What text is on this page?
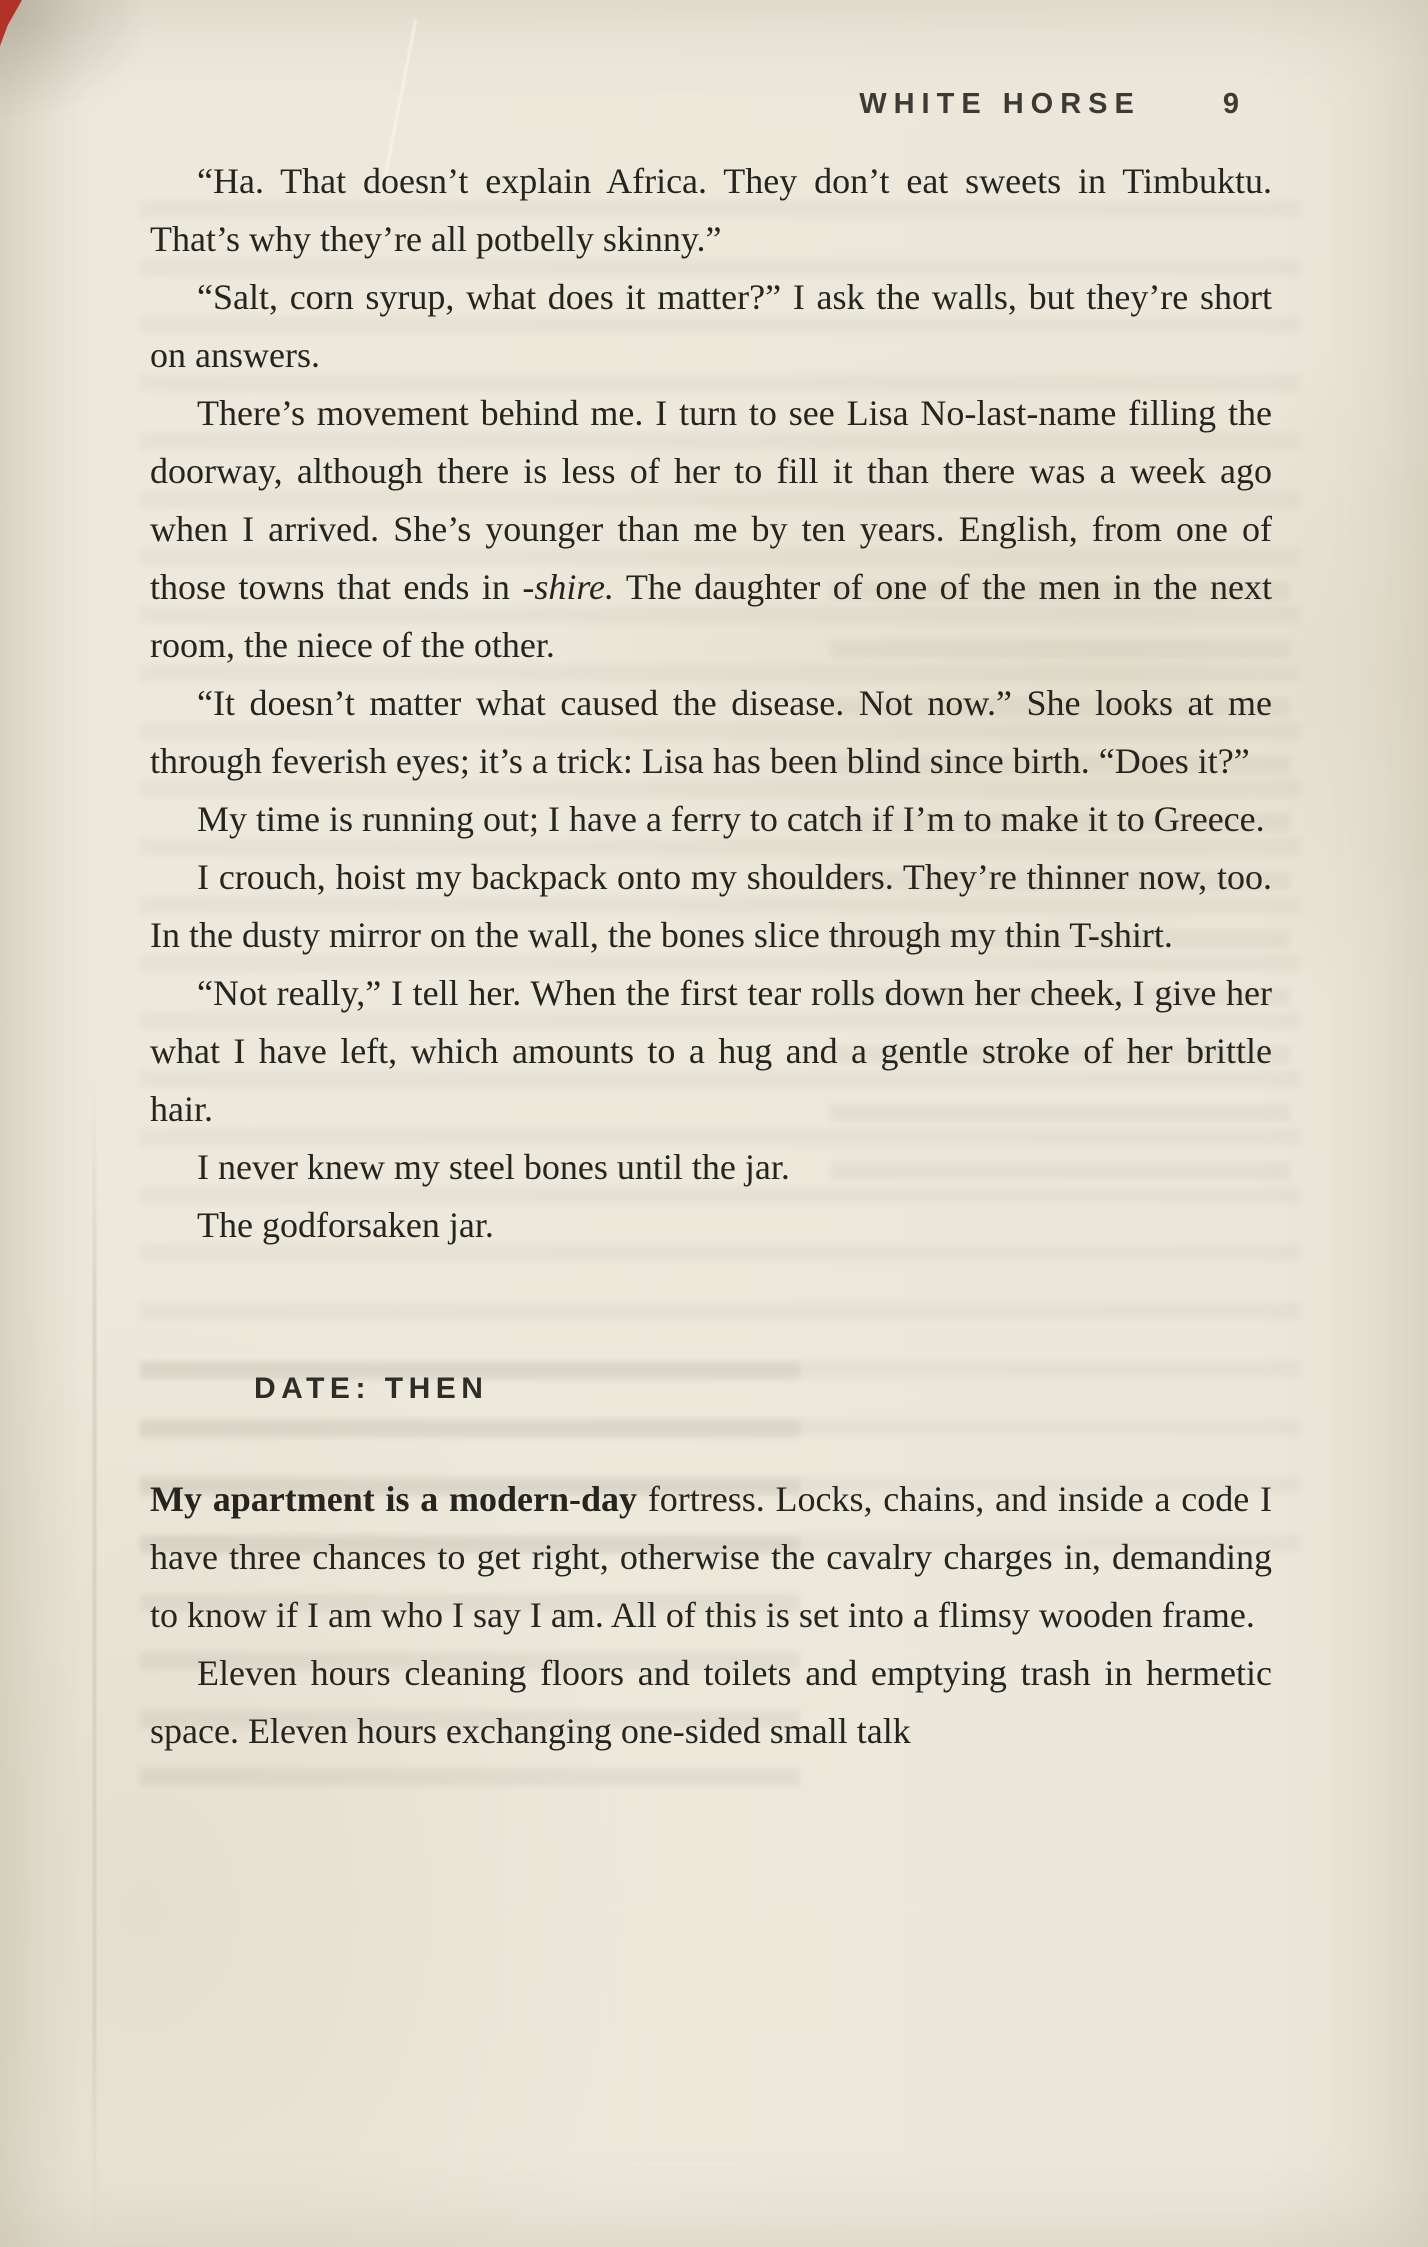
WHITE HORSE	9

“Ha. That doesn’t explain Africa. They don’t eat sweets in Timbuktu. That’s why they’re all potbelly skinny.”

“Salt, corn syrup, what does it matter?” I ask the walls, but they’re short on answers.

There’s movement behind me. I turn to see Lisa No-last-name filling the doorway, although there is less of her to fill it than there was a week ago when I arrived. She’s younger than me by ten years. English, from one of those towns that ends in -shire. The daughter of one of the men in the next room, the niece of the other.

“It doesn’t matter what caused the disease. Not now.” She looks at me through feverish eyes; it’s a trick: Lisa has been blind since birth. “Does it?”

My time is running out; I have a ferry to catch if I’m to make it to Greece.

I crouch, hoist my backpack onto my shoulders. They’re thinner now, too. In the dusty mirror on the wall, the bones slice through my thin T-shirt.

“Not really,” I tell her. When the first tear rolls down her cheek, I give her what I have left, which amounts to a hug and a gentle stroke of her brittle hair.

I never knew my steel bones until the jar.

The godforsaken jar.

DATE: THEN

My apartment is a modern-day fortress. Locks, chains, and inside a code I have three chances to get right, otherwise the cavalry charges in, demanding to know if I am who I say I am. All of this is set into a flimsy wooden frame.

Eleven hours cleaning floors and toilets and emptying trash in hermetic space. Eleven hours exchanging one-sided small talk
